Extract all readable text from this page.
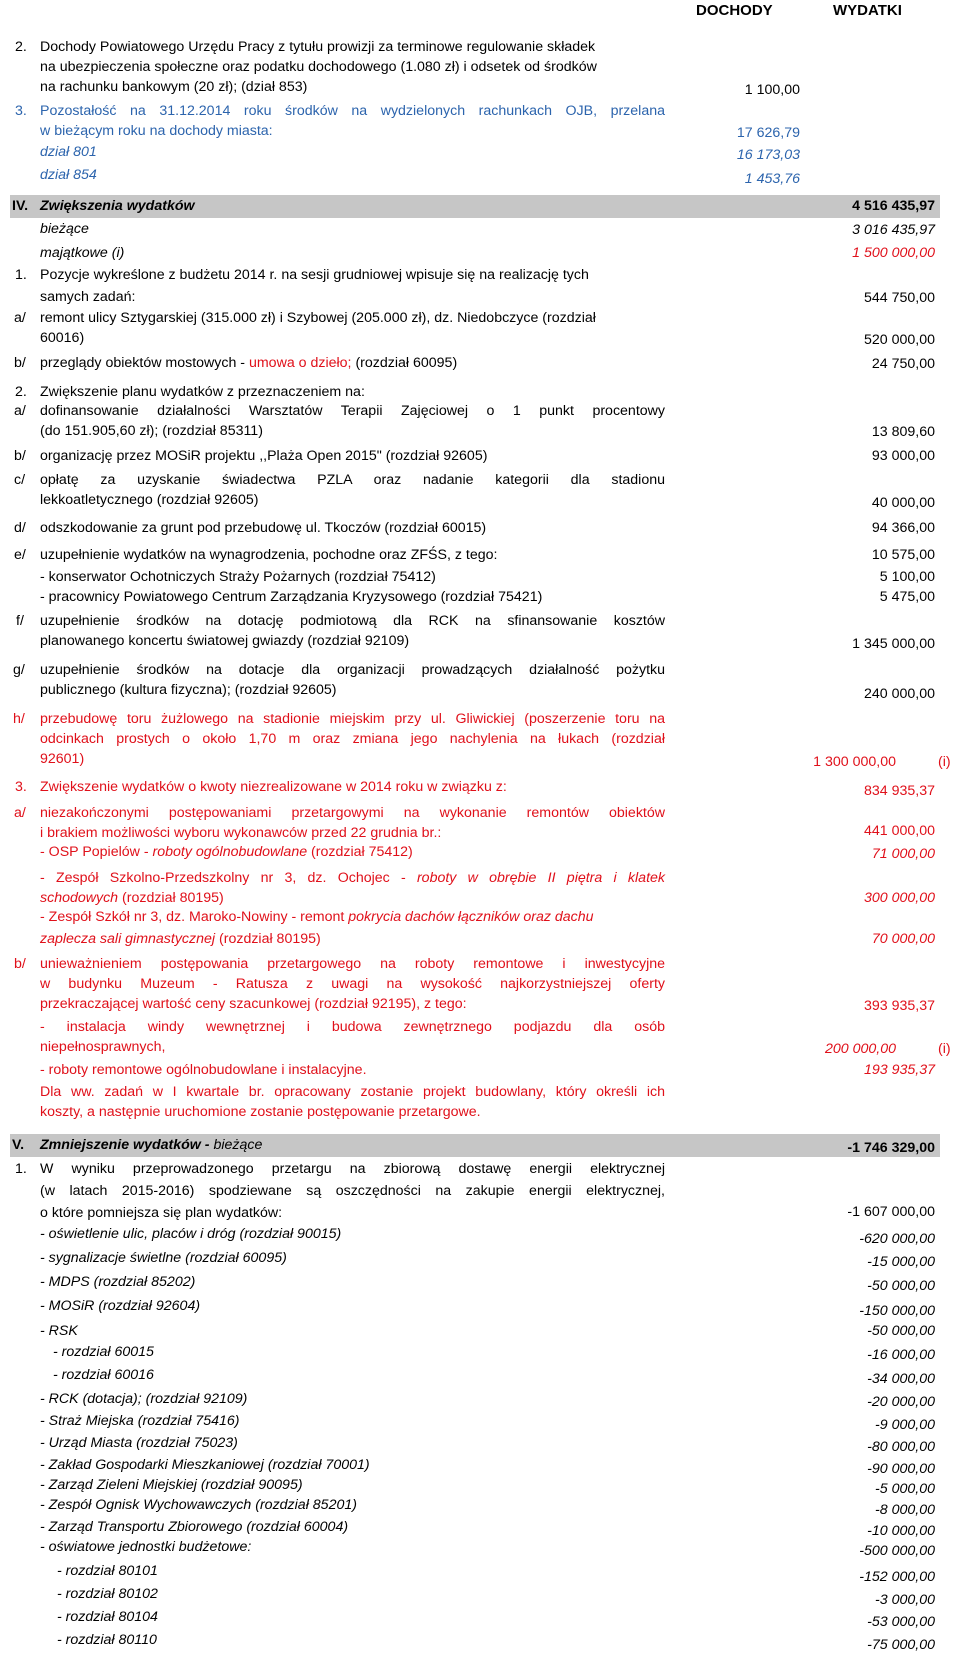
DOCHODY	WYDATKI
2. Dochody Powiatowego Urzędu Pracy z tytułu prowizji za terminowe regulowanie składek
na ubezpieczenia społeczne oraz podatku dochodowego (1.080 zł) i odsetek od środków
na rachunku bankowym (20 zł); (dział 853)	1 100,00
3. Pozostałość na 31.12.2014 roku środków na wydzielonych rachunkach OJB, przelana
w bieżącym roku na dochody miasta:	17 626,79
dział 801	16 173,03
dział 854	1 453,76
IV. Zwiększenia wydatków	4 516 435,97
bieżące	3 016 435,97
majątkowe (i)	1 500 000,00
1. Pozycje wykreślone z budżetu 2014 r. na sesji grudniowej wpisuje się na realizację tych
samych zadań:	544 750,00
a/ remont ulicy Sztygarskiej (315.000 zł) i Szybowej (205.000 zł), dz. Niedobczyce (rozdział
60016)	520 000,00
b/ przeglądy obiektów mostowych - umowa o dzieło; (rozdział 60095)	24 750,00
2. Zwiększenie planu wydatków z przeznaczeniem na:
a/ dofinansowanie działalności Warsztatów Terapii Zajęciowej o 1 punkt procentowy
(do 151.905,60 zł); (rozdział 85311)	13 809,60
b/ organizację przez MOSiR projektu ,,Plaża Open 2015" (rozdział 92605)	93 000,00
c/ opłatę za uzyskanie świadectwa PZLA oraz nadanie kategorii dla stadionu
lekkoatletycznego (rozdział 92605)	40 000,00
d/ odszkodowanie za grunt pod przebudowę ul. Tkoczów (rozdział 60015)	94 366,00
e/ uzupełnienie wydatków na wynagrodzenia, pochodne oraz ZFŚS, z tego:	10 575,00
- konserwator Ochotniczych Straży Pożarnych (rozdział 75412)	5 100,00
- pracownicy Powiatowego Centrum Zarządzania Kryzysowego (rozdział 75421)	5 475,00
f/ uzupełnienie środków na dotację podmiotową dla RCK na sfinansowanie kosztów
planowanego koncertu światowej gwiazdy (rozdział 92109)	1 345 000,00
g/ uzupełnienie środków na dotacje dla organizacji prowadzących działalność pożytku
publicznego (kultura fizyczna); (rozdział 92605)	240 000,00
h/ przebudowę toru żużlowego na stadionie miejskim przy ul. Gliwickiej (poszerzenie toru na
odcinkach prostych o około 1,70 m oraz zmiana jego nachylenia na łukach (rozdział
92601)	1 300 000,00	(i)
3. Zwiększenie wydatków o kwoty niezrealizowane w 2014 roku w związku z:	834 935,37
a/ niezakończonymi postępowaniami przetargowymi na wykonanie remontów obiektów
i brakiem możliwości wyboru wykonawców przed 22 grudnia br.:	441 000,00
- OSP Popielów - roboty ogólnobudowlane (rozdział 75412)	71 000,00
- Zespół Szkolno-Przedszkolny nr 3, dz. Ochojec - roboty w obrębie II piętra i klatek
schodowych (rozdział 80195)	300 000,00
- Zespół Szkół nr 3, dz. Maroko-Nowiny - remont pokrycia dachów łączników oraz dachu
zaplecza sali gimnastycznej (rozdział 80195)	70 000,00
b/ unieważnieniem postępowania przetargowego na roboty remontowe i inwestycyjne
w budynku Muzeum - Ratusza z uwagi na wysokość najkorzystniejszej oferty
przekraczającej wartość ceny szacunkowej (rozdział 92195), z tego:	393 935,37
- instalacja windy wewnętrznej i budowa zewnętrznego podjazdu dla osób
niepełnosprawnych,	200 000,00	(i)
- roboty remontowe ogólnobudowlane i instalacyjne.	193 935,37
Dla ww. zadań w I kwartale br. opracowany zostanie projekt budowlany, który określi ich
koszty, a następnie uruchomione zostanie postępowanie przetargowe.
V. Zmniejszenie wydatków - bieżące	-1 746 329,00
1. W wyniku przeprowadzonego przetargu na zbiorową dostawę energii elektrycznej
(w latach 2015-2016) spodziewane są oszczędności na zakupie energii elektrycznej,
o które pomniejsza się plan wydatków:	-1 607 000,00
- oświetlenie ulic, placów i dróg (rozdział 90015)	-620 000,00
- sygnalizacje świetlne (rozdział 60095)	-15 000,00
- MDPS (rozdział 85202)	-50 000,00
- MOSiR (rozdział 92604)	-150 000,00
- RSK	-50 000,00
- rozdział 60015	-16 000,00
- rozdział 60016	-34 000,00
- RCK (dotacja); (rozdział 92109)	-20 000,00
- Straż Miejska (rozdział 75416)	-9 000,00
- Urząd Miasta (rozdział 75023)	-80 000,00
- Zakład Gospodarki Mieszkaniowej (rozdział 70001)	-90 000,00
- Zarząd Zieleni Miejskiej (rozdział 90095)	-5 000,00
- Zespół Ognisk Wychowawczych (rozdział 85201)	-8 000,00
- Zarząd Transportu Zbiorowego (rozdział 60004)	-10 000,00
- oświatowe jednostki budżetowe:	-500 000,00
- rozdział 80101	-152 000,00
- rozdział 80102	-3 000,00
- rozdział 80104	-53 000,00
- rozdział 80110	-75 000,00
